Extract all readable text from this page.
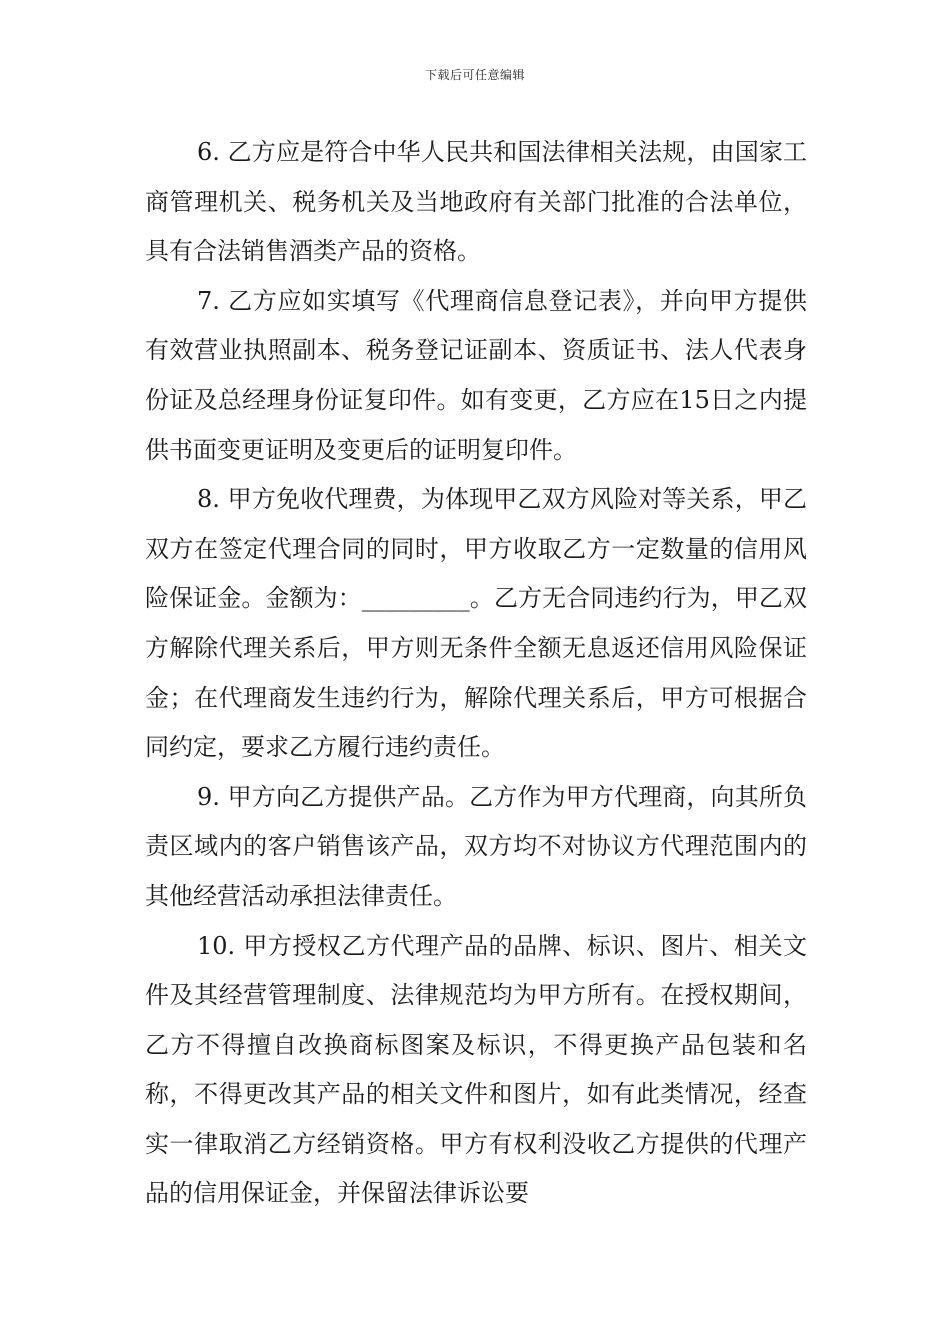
下载后可任意编辑

6. 乙方应是符合中华人民共和国法律相关法规，由国家工商管理机关、税务机关及当地政府有关部门批准的合法单位，具有合法销售酒类产品的资格。

7. 乙方应如实填写《代理商信息登记表》，并向甲方提供有效营业执照副本、税务登记证副本、资质证书、法人代表身份证及总经理身份证复印件。如有变更，乙方应在15日之内提供书面变更证明及变更后的证明复印件。

8. 甲方免收代理费，为体现甲乙双方风险对等关系，甲乙双方在签定代理合同的同时，甲方收取乙方一定数量的信用风险保证金。金额为：_________。乙方无合同违约行为，甲乙双方解除代理关系后，甲方则无条件全额无息返还信用风险保证金；在代理商发生违约行为，解除代理关系后，甲方可根据合同约定，要求乙方履行违约责任。

9. 甲方向乙方提供产品。乙方作为甲方代理商，向其所负责区域内的客户销售该产品，双方均不对协议方代理范围内的其他经营活动承担法律责任。

10. 甲方授权乙方代理产品的品牌、标识、图片、相关文件及其经营管理制度、法律规范均为甲方所有。在授权期间，乙方不得擅自改换商标图案及标识，不得更换产品包装和名称，不得更改其产品的相关文件和图片，如有此类情况，经查实一律取消乙方经销资格。甲方有权利没收乙方提供的代理产品的信用保证金，并保留法律诉讼要
